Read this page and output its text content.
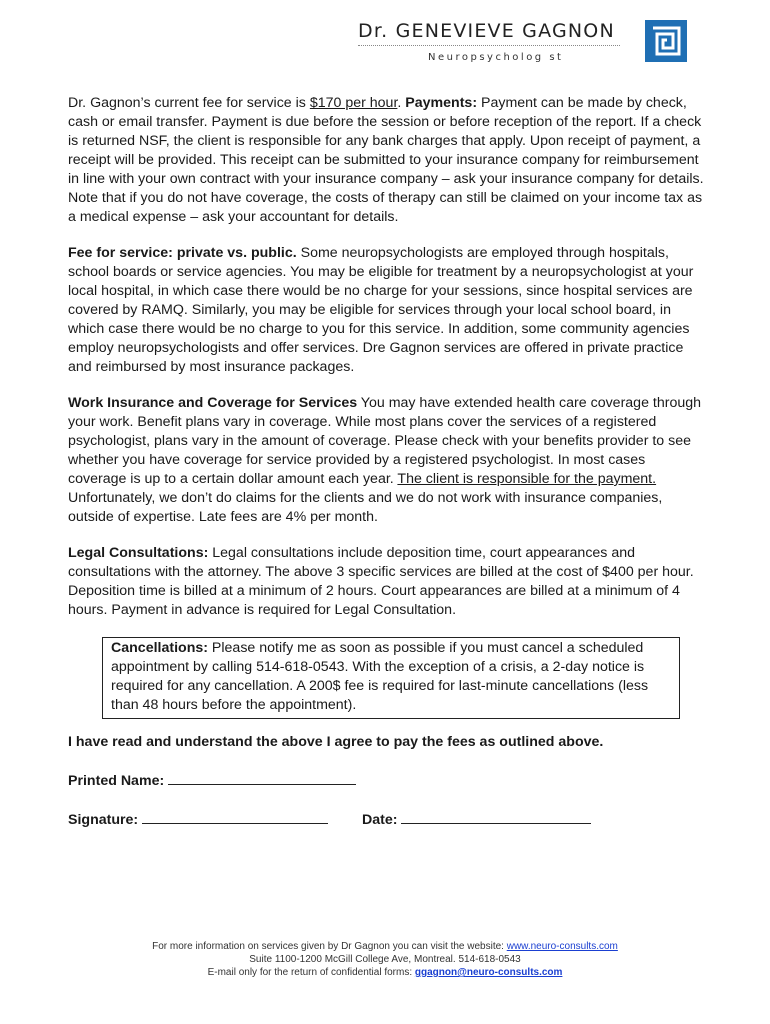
Dr. GENEVIEVE GAGNON
Neuropsycholog st

Dr. Gagnon’s current fee for service is $170 per hour. Payments: Payment can be made by check, cash or email transfer. Payment is due before the session or before reception of the report. If a check is returned NSF, the client is responsible for any bank charges that apply. Upon receipt of payment, a receipt will be provided. This receipt can be submitted to your insurance company for reimbursement in line with your own contract with your insurance company – ask your insurance company for details. Note that if you do not have coverage, the costs of therapy can still be claimed on your income tax as a medical expense – ask your accountant for details.

Fee for service: private vs. public. Some neuropsychologists are employed through hospitals, school boards or service agencies. You may be eligible for treatment by a neuropsychologist at your local hospital, in which case there would be no charge for your sessions, since hospital services are covered by RAMQ. Similarly, you may be eligible for services through your local school board, in which case there would be no charge to you for this service. In addition, some community agencies employ neuropsychologists and offer services. Dre Gagnon services are offered in private practice and reimbursed by most insurance packages.

Work Insurance and Coverage for Services You may have extended health care coverage through your work. Benefit plans vary in coverage. While most plans cover the services of a registered psychologist, plans vary in the amount of coverage. Please check with your benefits provider to see whether you have coverage for service provided by a registered psychologist. In most cases coverage is up to a certain dollar amount each year. The client is responsible for the payment. Unfortunately, we don’t do claims for the clients and we do not work with insurance companies, outside of expertise. Late fees are 4% per month.

Legal Consultations: Legal consultations include deposition time, court appearances and consultations with the attorney. The above 3 specific services are billed at the cost of $400 per hour. Deposition time is billed at a minimum of 2 hours. Court appearances are billed at a minimum of 4 hours. Payment in advance is required for Legal Consultation.

Cancellations: Please notify me as soon as possible if you must cancel a scheduled appointment by calling 514-618-0543. With the exception of a crisis, a 2-day notice is required for any cancellation. A 200$ fee is required for last-minute cancellations (less than 48 hours before the appointment).

I have read and understand the above I agree to pay the fees as outlined above.

Printed Name:
Signature:	Date:
For more information on services given by Dr Gagnon you can visit the website: www.neuro-consults.com
Suite 1100-1200 McGill College Ave, Montreal. 514-618-0543
E-mail only for the return of confidential forms: ggagnon@neuro-consults.com
